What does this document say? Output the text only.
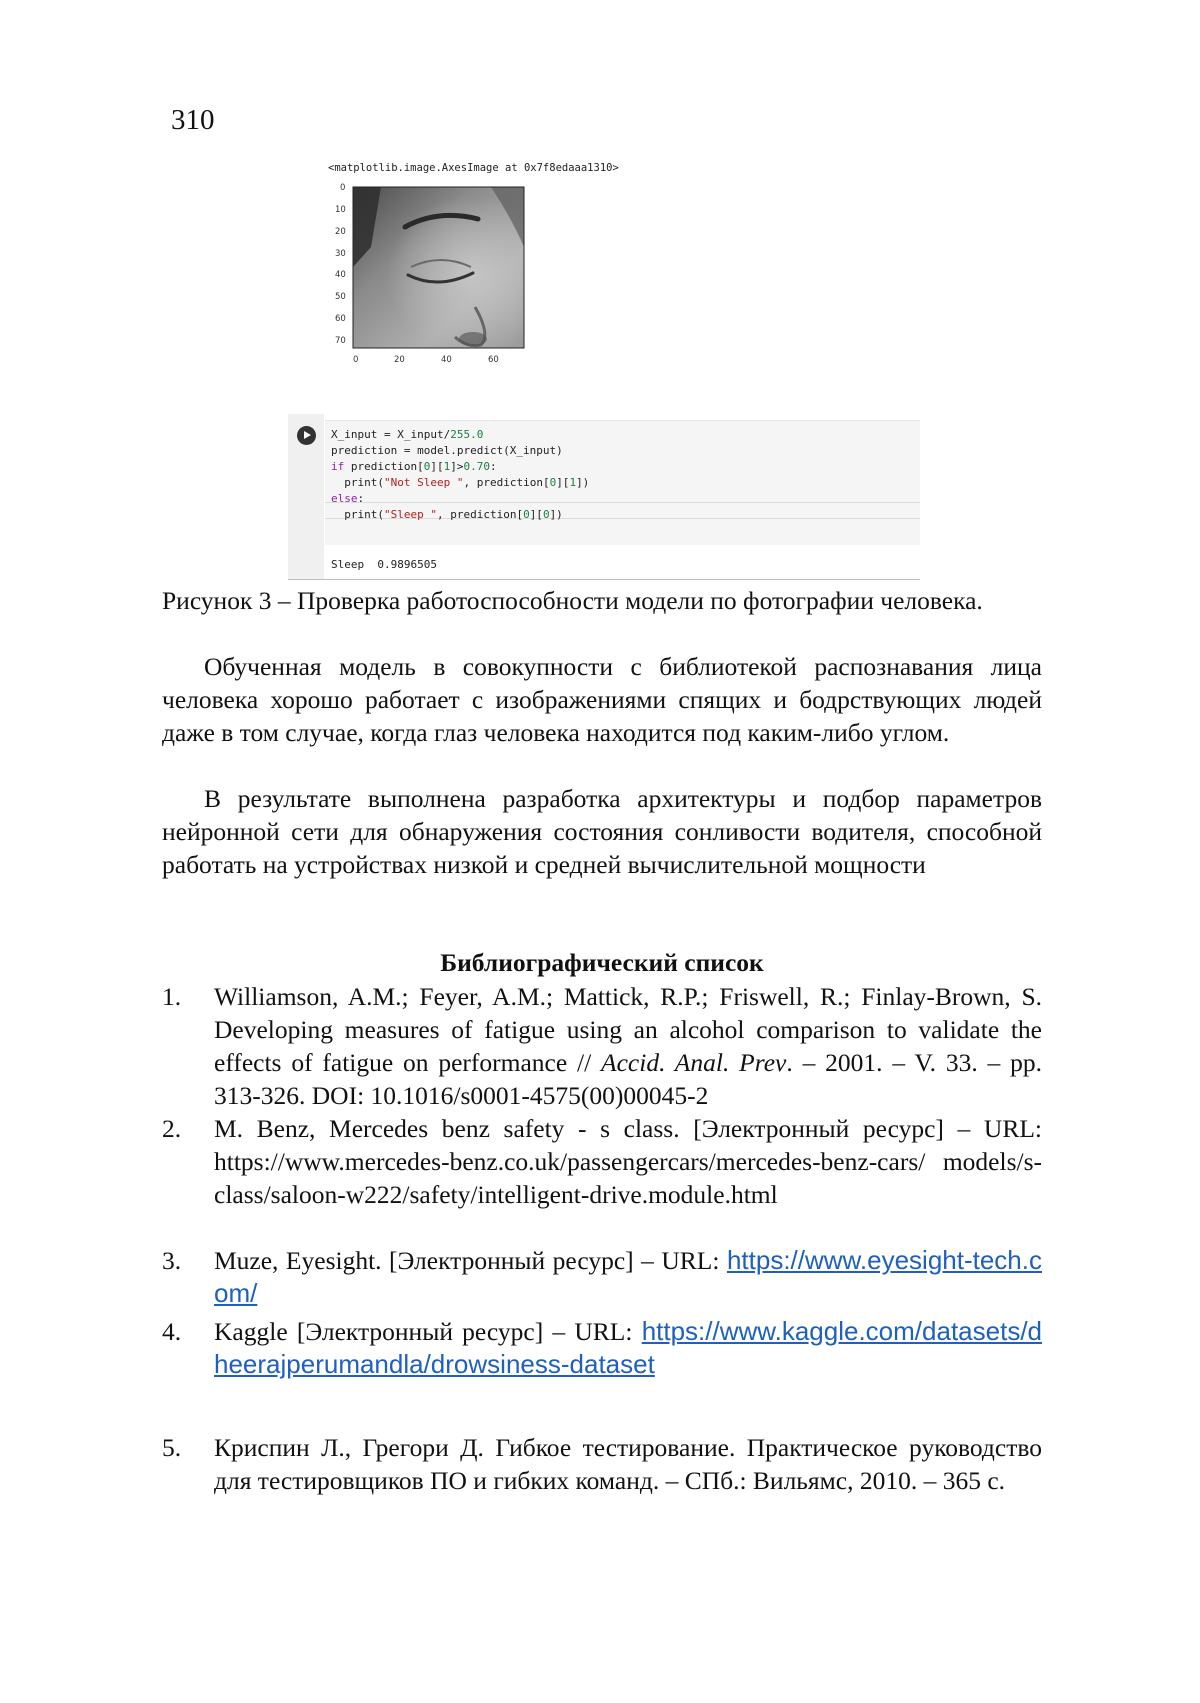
310
<matplotlib.image.AxesImage at 0x7f8edaaa1310>
0
10
20
30
40
50
60
70
0	20	40	60
X_input = X_input/255.0
prediction = model.predict(X_input)
if prediction[0][1]>0.70:
print("Not Sleep ", prediction[0][1])
else:
print("Sleep ", prediction[0][0])
Sleep  0.9896505
Рисунок 3 – Проверка работоспособности модели по фотографии человека.
Обученная модель в совокупности с библиотекой распознавания лица человека хорошо работает с изображениями спящих и бодрствующих людей даже в том случае, когда глаз человека находится под каким-либо углом.
В результате выполнена разработка архитектуры и подбор параметров нейронной сети для обнаружения состояния сонливости водителя, способной работать на устройствах низкой и средней вычислительной мощности
Библиографический список
1. Williamson, A.M.; Feyer, A.M.; Mattick, R.P.; Friswell, R.; Finlay-Brown, S. Developing measures of fatigue using an alcohol comparison to validate the effects of fatigue on performance // Accid. Anal. Prev. – 2001. – V. 33. – pp. 313-326. DOI: 10.1016/s0001-4575(00)00045-2
2. M. Benz, Mercedes benz safety - s class. [Электронный ресурс] – URL: https://www.mercedes-benz.co.uk/passengercars/mercedes-benz-cars/ models/s-class/saloon-w222/safety/intelligent-drive.module.html
3. Muze, Eyesight. [Электронный ресурс] – URL: https://www.eyesight-tech.com/
4. Kaggle [Электронный ресурс] – URL: https://www.kaggle.com/datasets/dheerajperumandla/drowsiness-dataset
5. Криспин Л., Грегори Д. Гибкое тестирование. Практическое руководство для тестировщиков ПО и гибких команд. – СПб.: Вильямс, 2010. – 365 с.
